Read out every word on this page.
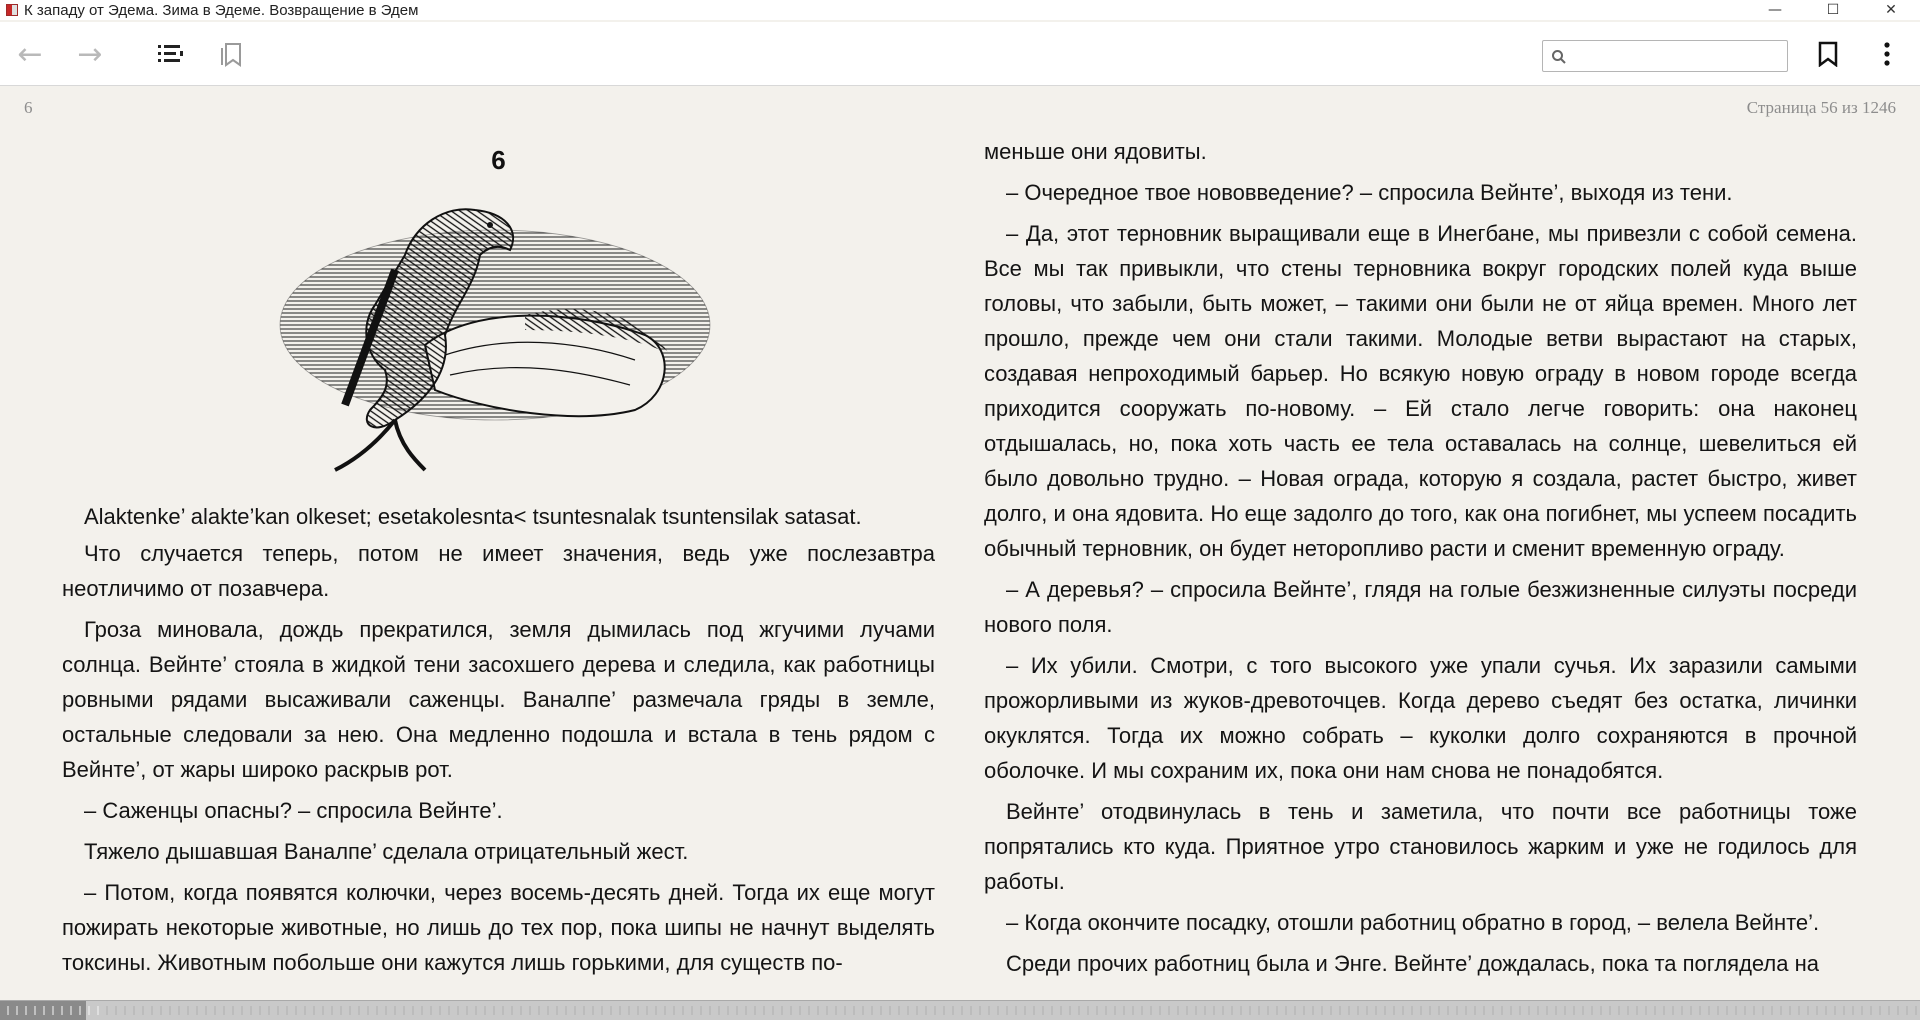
К западу от Эдема. Зима в Эдеме. Возвращение в Эдем	—	☐	✕
← →
6	Страница 56 из 1246
6

Alaktenke’ alakte’kan olkeset; esetakolesnta< tsuntesnalak tsuntensilak satasat.

Что случается теперь, потом не имеет значения, ведь уже послезавтра неотличимо от позавчера.

Гроза миновала, дождь прекратился, земля дымилась под жгучими лучами солнца. Вейнте’ стояла в жидкой тени засохшего дерева и следила, как работницы ровными рядами высаживали саженцы. Ваналпе’ размечала гряды в земле, остальные следовали за нею. Она медленно подошла и встала в тень рядом с Вейнте’, от жары широко раскрыв рот.

– Саженцы опасны? – спросила Вейнте’.

Тяжело дышавшая Ваналпе’ сделала отрицательный жест.

– Потом, когда появятся колючки, через восемь-десять дней. Тогда их еще могут пожирать некоторые животные, но лишь до тех пор, пока шипы не начнут выделять токсины. Животным побольше они кажутся лишь горькими, для существ по-

меньше они ядовиты.

– Очередное твое нововведение? – спросила Вейнте’, выходя из тени.

– Да, этот терновник выращивали еще в Инегбане, мы привезли с собой семена. Все мы так привыкли, что стены терновника вокруг городских полей куда выше головы, что забыли, быть может, – такими они были не от яйца времен. Много лет прошло, прежде чем они стали такими. Молодые ветви вырастают на старых, создавая непроходимый барьер. Но всякую новую ограду в новом городе всегда приходится сооружать по-новому. – Ей стало легче говорить: она наконец отдышалась, но, пока хоть часть ее тела оставалась на солнце, шевелиться ей было довольно трудно. – Новая ограда, которую я создала, растет быстро, живет долго, и она ядовита. Но еще задолго до того, как она погибнет, мы успеем посадить обычный терновник, он будет неторопливо расти и сменит временную ограду.

– А деревья? – спросила Вейнте’, глядя на голые безжизненные силуэты посреди нового поля.

– Их убили. Смотри, с того высокого уже упали сучья. Их заразили самыми прожорливыми из жуков-древоточцев. Когда дерево съедят без остатка, личинки окуклятся. Тогда их можно собрать – куколки долго сохраняются в прочной оболочке. И мы сохраним их, пока они нам снова не понадобятся.

Вейнте’ отодвинулась в тень и заметила, что почти все работницы тоже попрятались кто куда. Приятное утро становилось жарким и уже не годилось для работы.

– Когда окончите посадку, отошли работниц обратно в город, – велела Вейнте’.

Среди прочих работниц была и Энге. Вейнте’ дождалась, пока та поглядела на
